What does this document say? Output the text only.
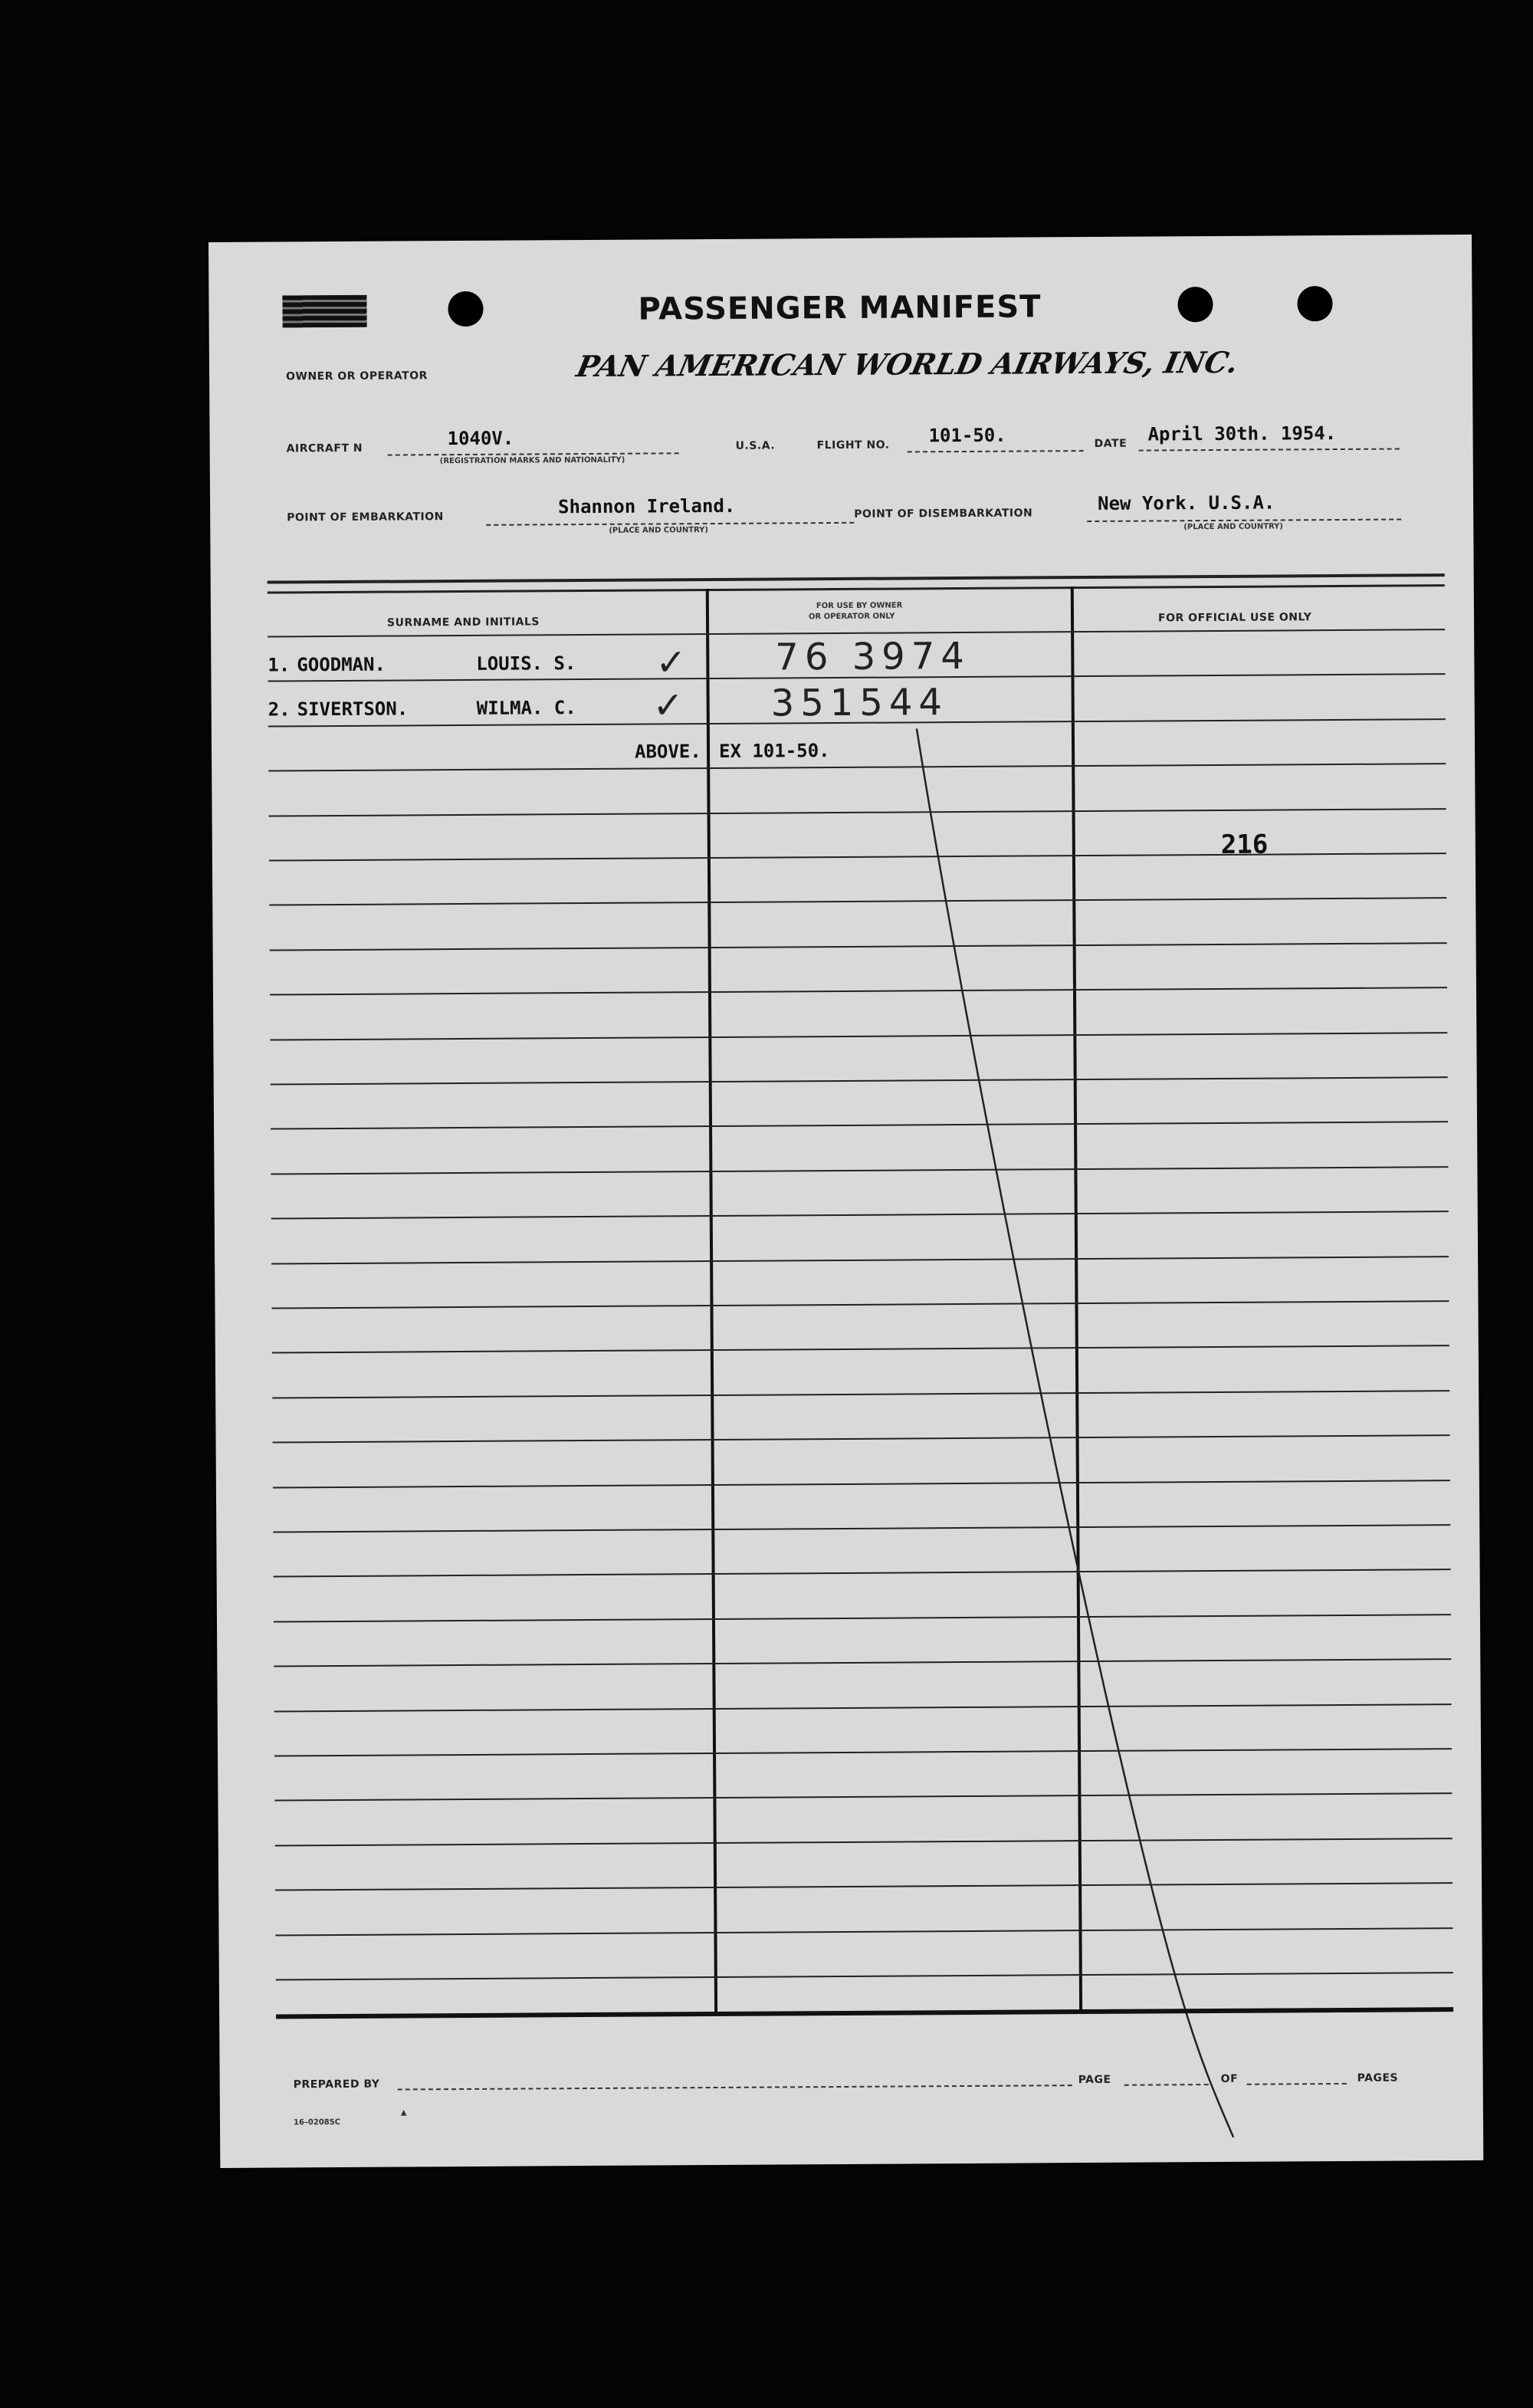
PASSENGER MANIFEST
OWNER OR OPERATOR	PAN AMERICAN WORLD AIRWAYS, INC.
AIRCRAFT N	1040V.
(REGISTRATION MARKS AND NATIONALITY)
U.S.A.	FLIGHT NO. 101-50.	DATE April 30th. 1954.
POINT OF EMBARKATION	Shannon Ireland.
(PLACE AND COUNTRY)
POINT OF DISEMBARKATION	New York. U.S.A.
(PLACE AND COUNTRY)
SURNAME AND INITIALS
FOR USE BY OWNER
OR OPERATOR ONLY	FOR OFFICIAL USE ONLY
1. GOODMAN.	LOUIS. S. ✓ 76 3974
2. SIVERTSON.	WILMA. C. ✓ 351544
ABOVE. EX 101-50.
216
PREPARED BY	PAGE	OF	PAGES
16–02085C
▲
